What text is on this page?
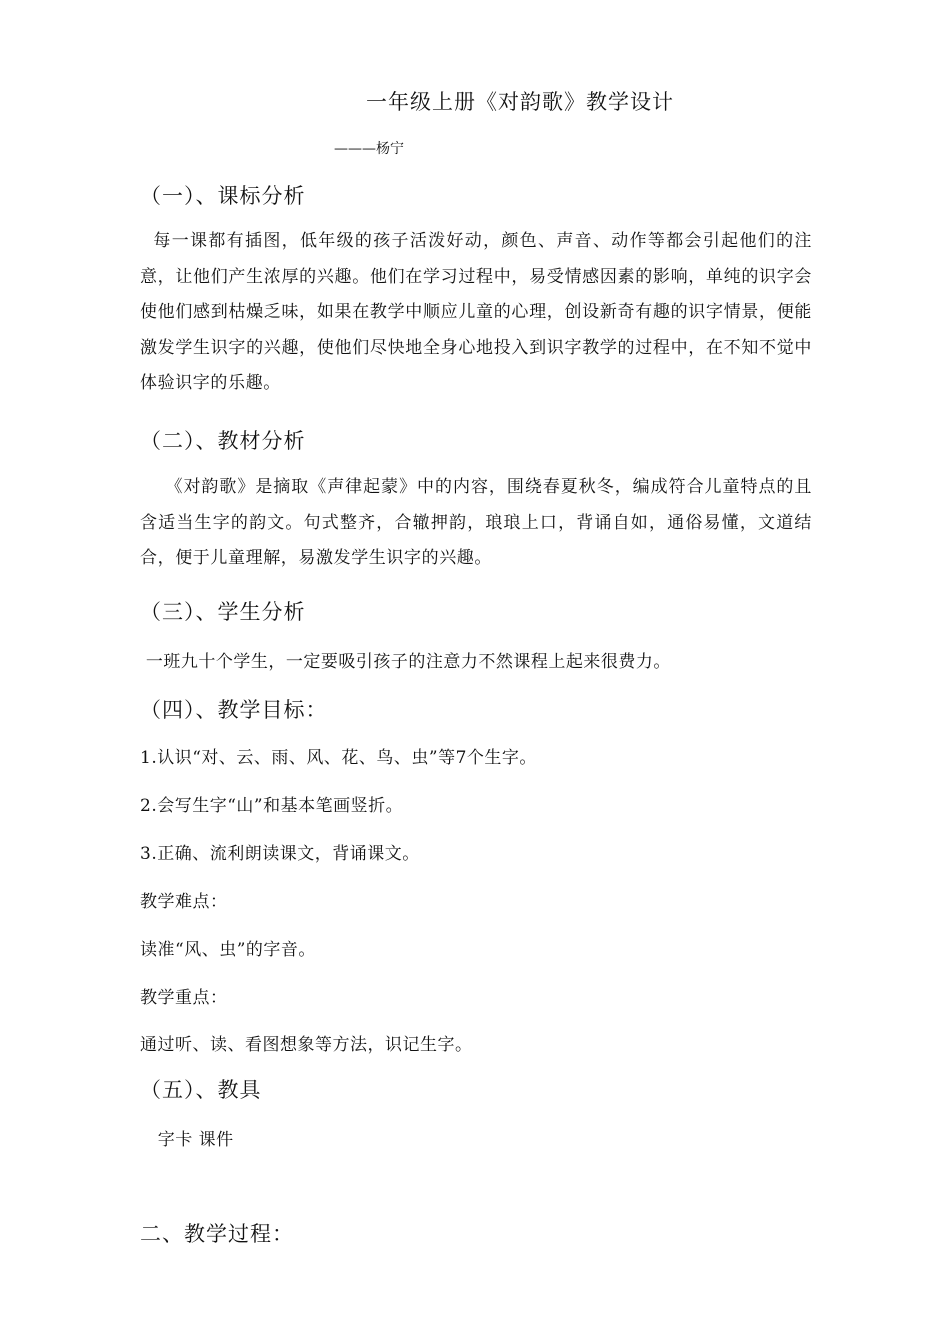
一年级上册《对韵歌》教学设计
———杨宁
（一）、课标分析
每一课都有插图，低年级的孩子活泼好动，颜色、声音、动作等都会引起他们的注意，让他们产生浓厚的兴趣。他们在学习过程中，易受情感因素的影响，单纯的识字会使他们感到枯燥乏味，如果在教学中顺应儿童的心理，创设新奇有趣的识字情景，便能激发学生识字的兴趣，使他们尽快地全身心地投入到识字教学的过程中，在不知不觉中体验识字的乐趣。
（二）、教材分析
《对韵歌》是摘取《声律起蒙》中的内容，围绕春夏秋冬，编成符合儿童特点的且含适当生字的韵文。句式整齐，合辙押韵，琅琅上口，背诵自如，通俗易懂，文道结合，便于儿童理解，易激发学生识字的兴趣。
（三）、学生分析
一班九十个学生，一定要吸引孩子的注意力不然课程上起来很费力。
（四）、教学目标：
1.认识“对、云、雨、风、花、鸟、虫”等7个生字。
2.会写生字“山”和基本笔画竖折。
3.正确、流利朗读课文，背诵课文。
教学难点：
读准“风、虫”的字音。
教学重点：
通过听、读、看图想象等方法，识记生字。
（五）、教具
字卡 课件
二、教学过程：
